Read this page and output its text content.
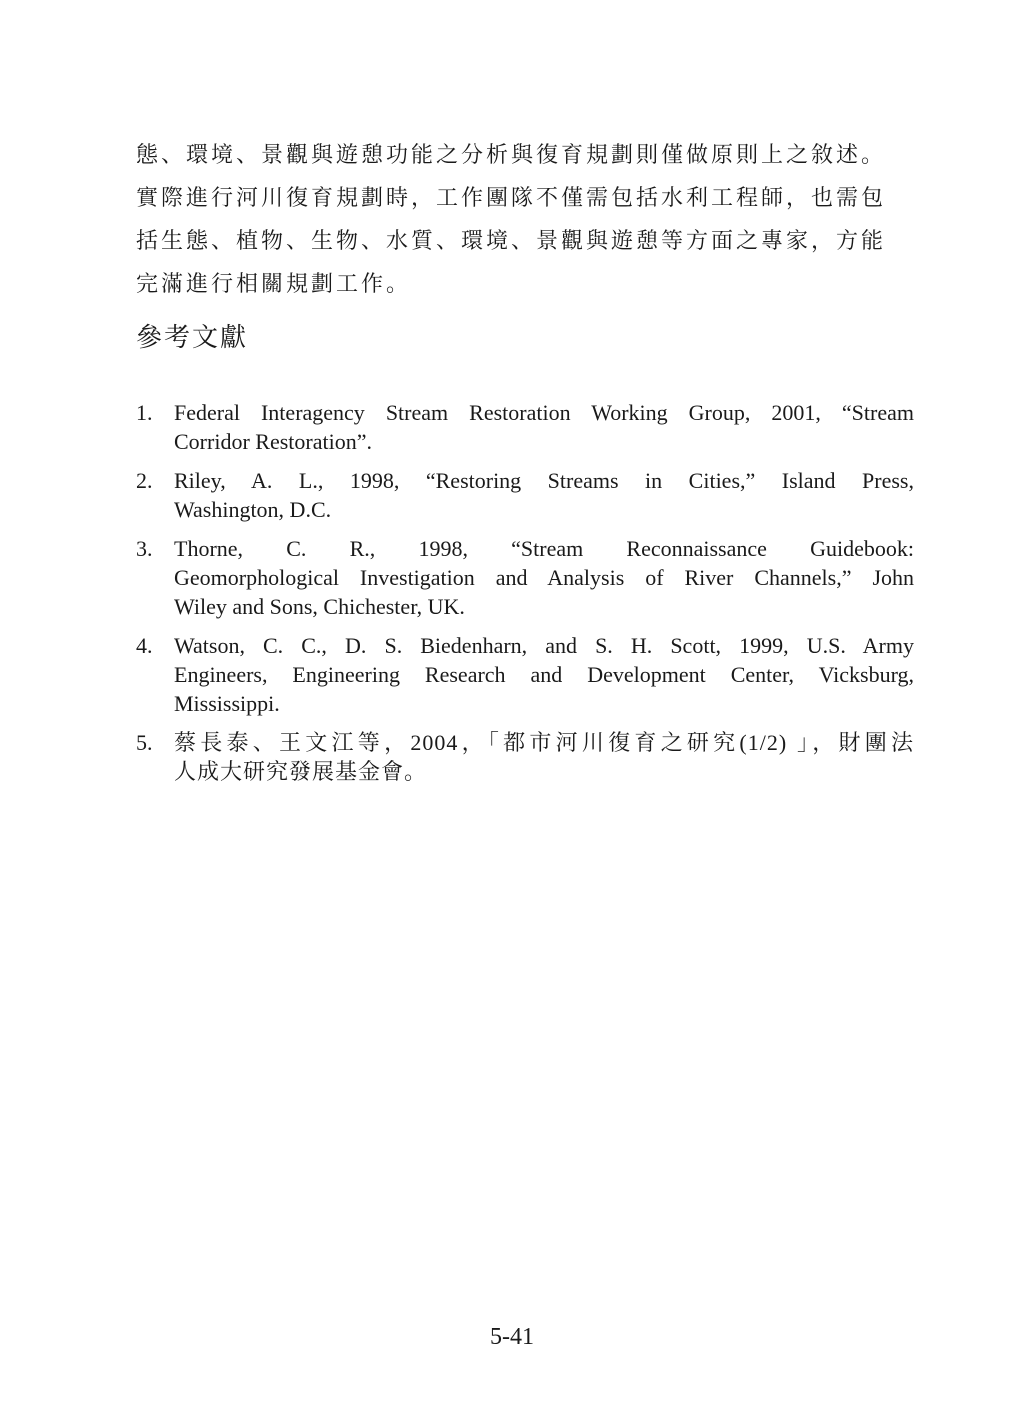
態、環境、景觀與遊憩功能之分析與復育規劃則僅做原則上之敘述。
實際進行河川復育規劃時，工作團隊不僅需包括水利工程師，也需包
括生態、植物、生物、水質、環境、景觀與遊憩等方面之專家，方能
完滿進行相關規劃工作。

參考文獻
1. Federal Interagency Stream Restoration Working Group, 2001, “Stream
Corridor Restoration”.
2. Riley, A. L., 1998, “Restoring Streams in Cities,” Island Press,
Washington, D.C.
3. Thorne, C. R., 1998, “Stream Reconnaissance Guidebook:
Geomorphological Investigation and Analysis of River Channels,” John
Wiley and Sons, Chichester, UK.
4. Watson, C. C., D. S. Biedenharn, and S. H. Scott, 1999, U.S. Army
Engineers, Engineering Research and Development Center, Vicksburg,
Mississippi.
5. 蔡長泰、王文江等，2004，「都市河川復育之研究(1/2) 」，財團法
人成大研究發展基金會。
5-41
